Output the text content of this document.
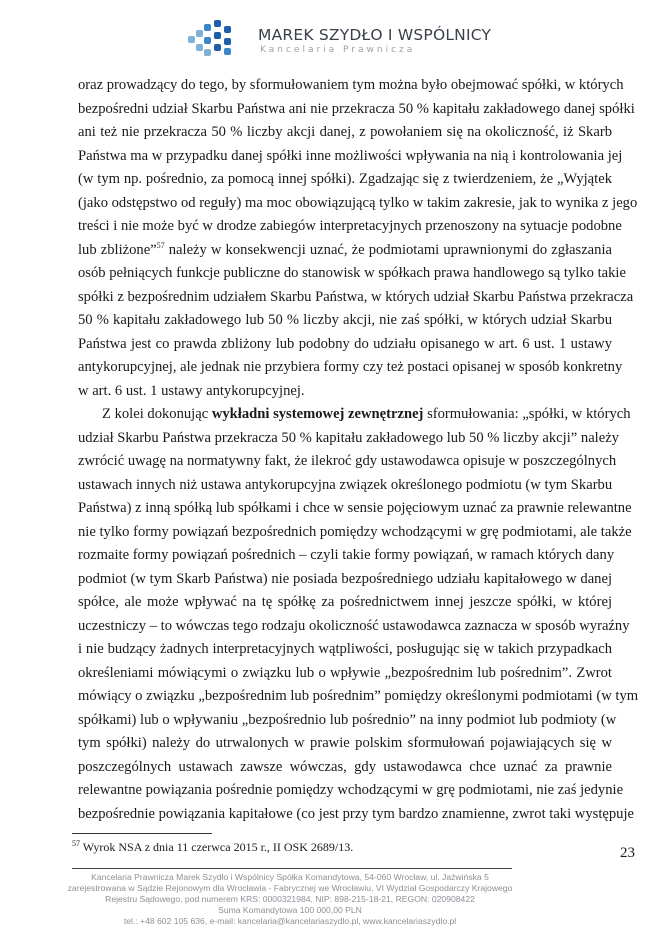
MAREK SZYDŁO I WSPÓLNICY
Kancelaria Prawnicza
oraz prowadzący do tego, by sformułowaniem tym można było obejmować spółki, w których
bezpośredni udział Skarbu Państwa ani nie przekracza 50 % kapitału zakładowego danej spółki
ani też nie przekracza 50 % liczby akcji danej, z powołaniem się na okoliczność, iż Skarb
Państwa ma w przypadku danej spółki inne możliwości wpływania na nią i kontrolowania jej
(w tym np. pośrednio, za pomocą innej spółki). Zgadzając się z twierdzeniem, że „Wyjątek
(jako odstępstwo od reguły) ma moc obowiązującą tylko w takim zakresie, jak to wynika z jego
treści i nie może być w drodze zabiegów interpretacyjnych przenoszony na sytuacje podobne
lub zbliżone”$^{57}$ należy w konsekwencji uznać, że podmiotami uprawnionymi do zgłaszania
osób pełniących funkcje publiczne do stanowisk w spółkach prawa handlowego są tylko takie
spółki z bezpośrednim udziałem Skarbu Państwa, w których udział Skarbu Państwa przekracza
50 % kapitału zakładowego lub 50 % liczby akcji, nie zaś spółki, w których udział Skarbu
Państwa jest co prawda zbliżony lub podobny do udziału opisanego w art. 6 ust. 1 ustawy
antykorupcyjnej, ale jednak nie przybiera formy czy też postaci opisanej w sposób konkretny
w art. 6 ust. 1 ustawy antykorupcyjnej.
Z kolei dokonując wykładni systemowej zewnętrznej sformułowania: „spółki, w których
udział Skarbu Państwa przekracza 50 % kapitału zakładowego lub 50 % liczby akcji” należy
zwrócić uwagę na normatywny fakt, że ilekroć gdy ustawodawca opisuje w poszczególnych
ustawach innych niż ustawa antykorupcyjna związek określonego podmiotu (w tym Skarbu
Państwa) z inną spółką lub spółkami i chce w sensie pojęciowym uznać za prawnie relewantne
nie tylko formy powiązań bezpośrednich pomiędzy wchodzącymi w grę podmiotami, ale także
rozmaite formy powiązań pośrednich – czyli takie formy powiązań, w ramach których dany
podmiot (w tym Skarb Państwa) nie posiada bezpośredniego udziału kapitałowego w danej
spółce, ale może wpływać na tę spółkę za pośrednictwem innej jeszcze spółki, w której
uczestniczy – to wówczas tego rodzaju okoliczność ustawodawca zaznacza w sposób wyraźny
i nie budzący żadnych interpretacyjnych wątpliwości, posługując się w takich przypadkach
określeniami mówiącymi o związku lub o wpływie „bezpośrednim lub pośrednim”. Zwrot
mówiący o związku „bezpośrednim lub pośrednim” pomiędzy określonymi podmiotami (w tym
spółkami) lub o wpływaniu „bezpośrednio lub pośrednio” na inny podmiot lub podmioty (w
tym spółki) należy do utrwalonych w prawie polskim sformułowań pojawiających się w
poszczególnych ustawach zawsze wówczas, gdy ustawodawca chce uznać za prawnie
relewantne powiązania pośrednie pomiędzy wchodzącymi w grę podmiotami, nie zaś jedynie
bezpośrednie powiązania kapitałowe (co jest przy tym bardzo znamienne, zwrot taki występuje
$^{57}$ Wyrok NSA z dnia 11 czerwca 2015 r., II OSK 2689/13.	23
Kancelaria Prawnicza Marek Szydło i Wspólnicy Spółka Komandytowa, 54-060 Wrocław, ul. Jaźwińska 5
zarejestrowana w Sądzie Rejonowym dla Wrocławia - Fabrycznej we Wrocławiu, VI Wydział Gospodarczy Krajowego
Rejestru Sądowego, pod numerem KRS: 0000321984, NIP: 898-215-18-21, REGON: 020908422
Suma Komandytowa 100 000,00 PLN
tel.: +48 602 105 636, e-mail: kancelaria@kancelariaszydlo.pl, www.kancelariaszydlo.pl
